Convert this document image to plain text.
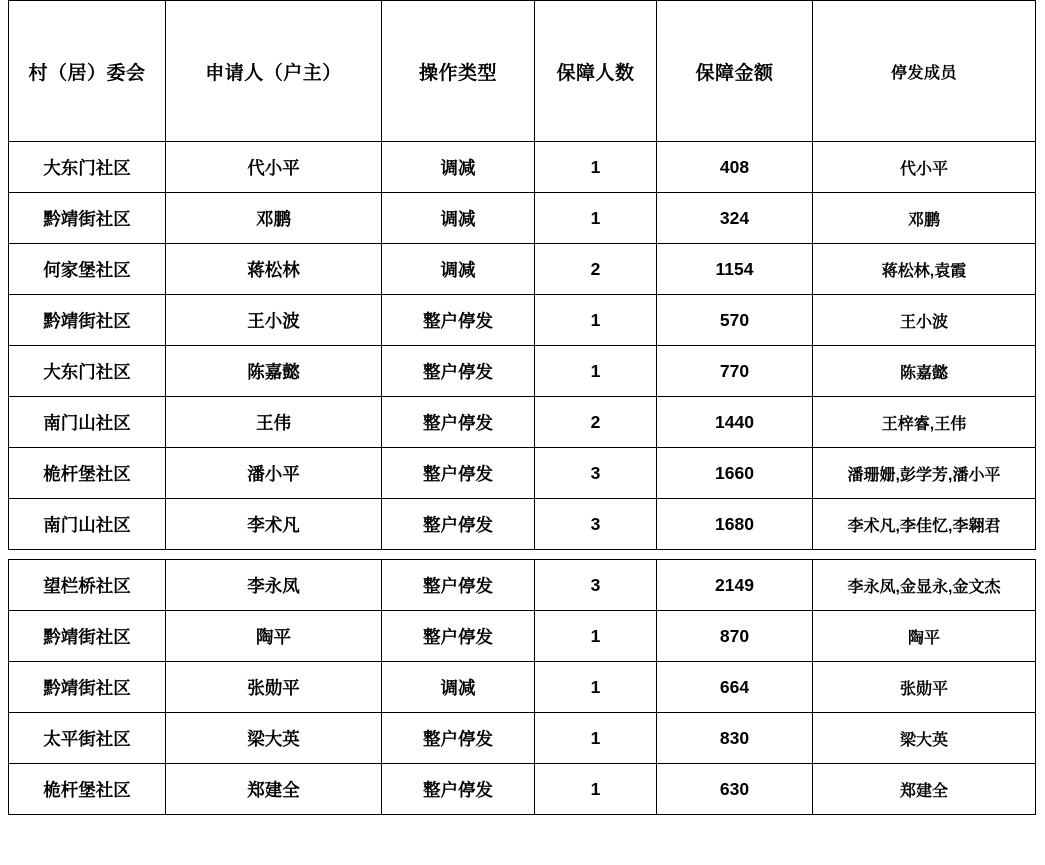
村（居）委会	申请人（户主）	操作类型	保障人数	保障金额	停发成员
大东门社区	代小平	调减	1	408	代小平
黔靖街社区	邓鹏	调减	1	324	邓鹏
何家堡社区	蒋松林	调减	2	1154	蒋松林,袁霞
黔靖街社区	王小波	整户停发	1	570	王小波
大东门社区	陈嘉懿	整户停发	1	770	陈嘉懿
南门山社区	王伟	整户停发	2	1440	王梓睿,王伟
桅杆堡社区	潘小平	整户停发	3	1660	潘珊姗,彭学芳,潘小平
南门山社区	李术凡	整户停发	3	1680	李术凡,李佳忆,李翱君
望栏桥社区	李永凤	整户停发	3	2149	李永凤,金显永,金文杰
黔靖街社区	陶平	整户停发	1	870	陶平
黔靖街社区	张勋平	调减	1	664	张勋平
太平街社区	梁大英	整户停发	1	830	梁大英
桅杆堡社区	郑建全	整户停发	1	630	郑建全
